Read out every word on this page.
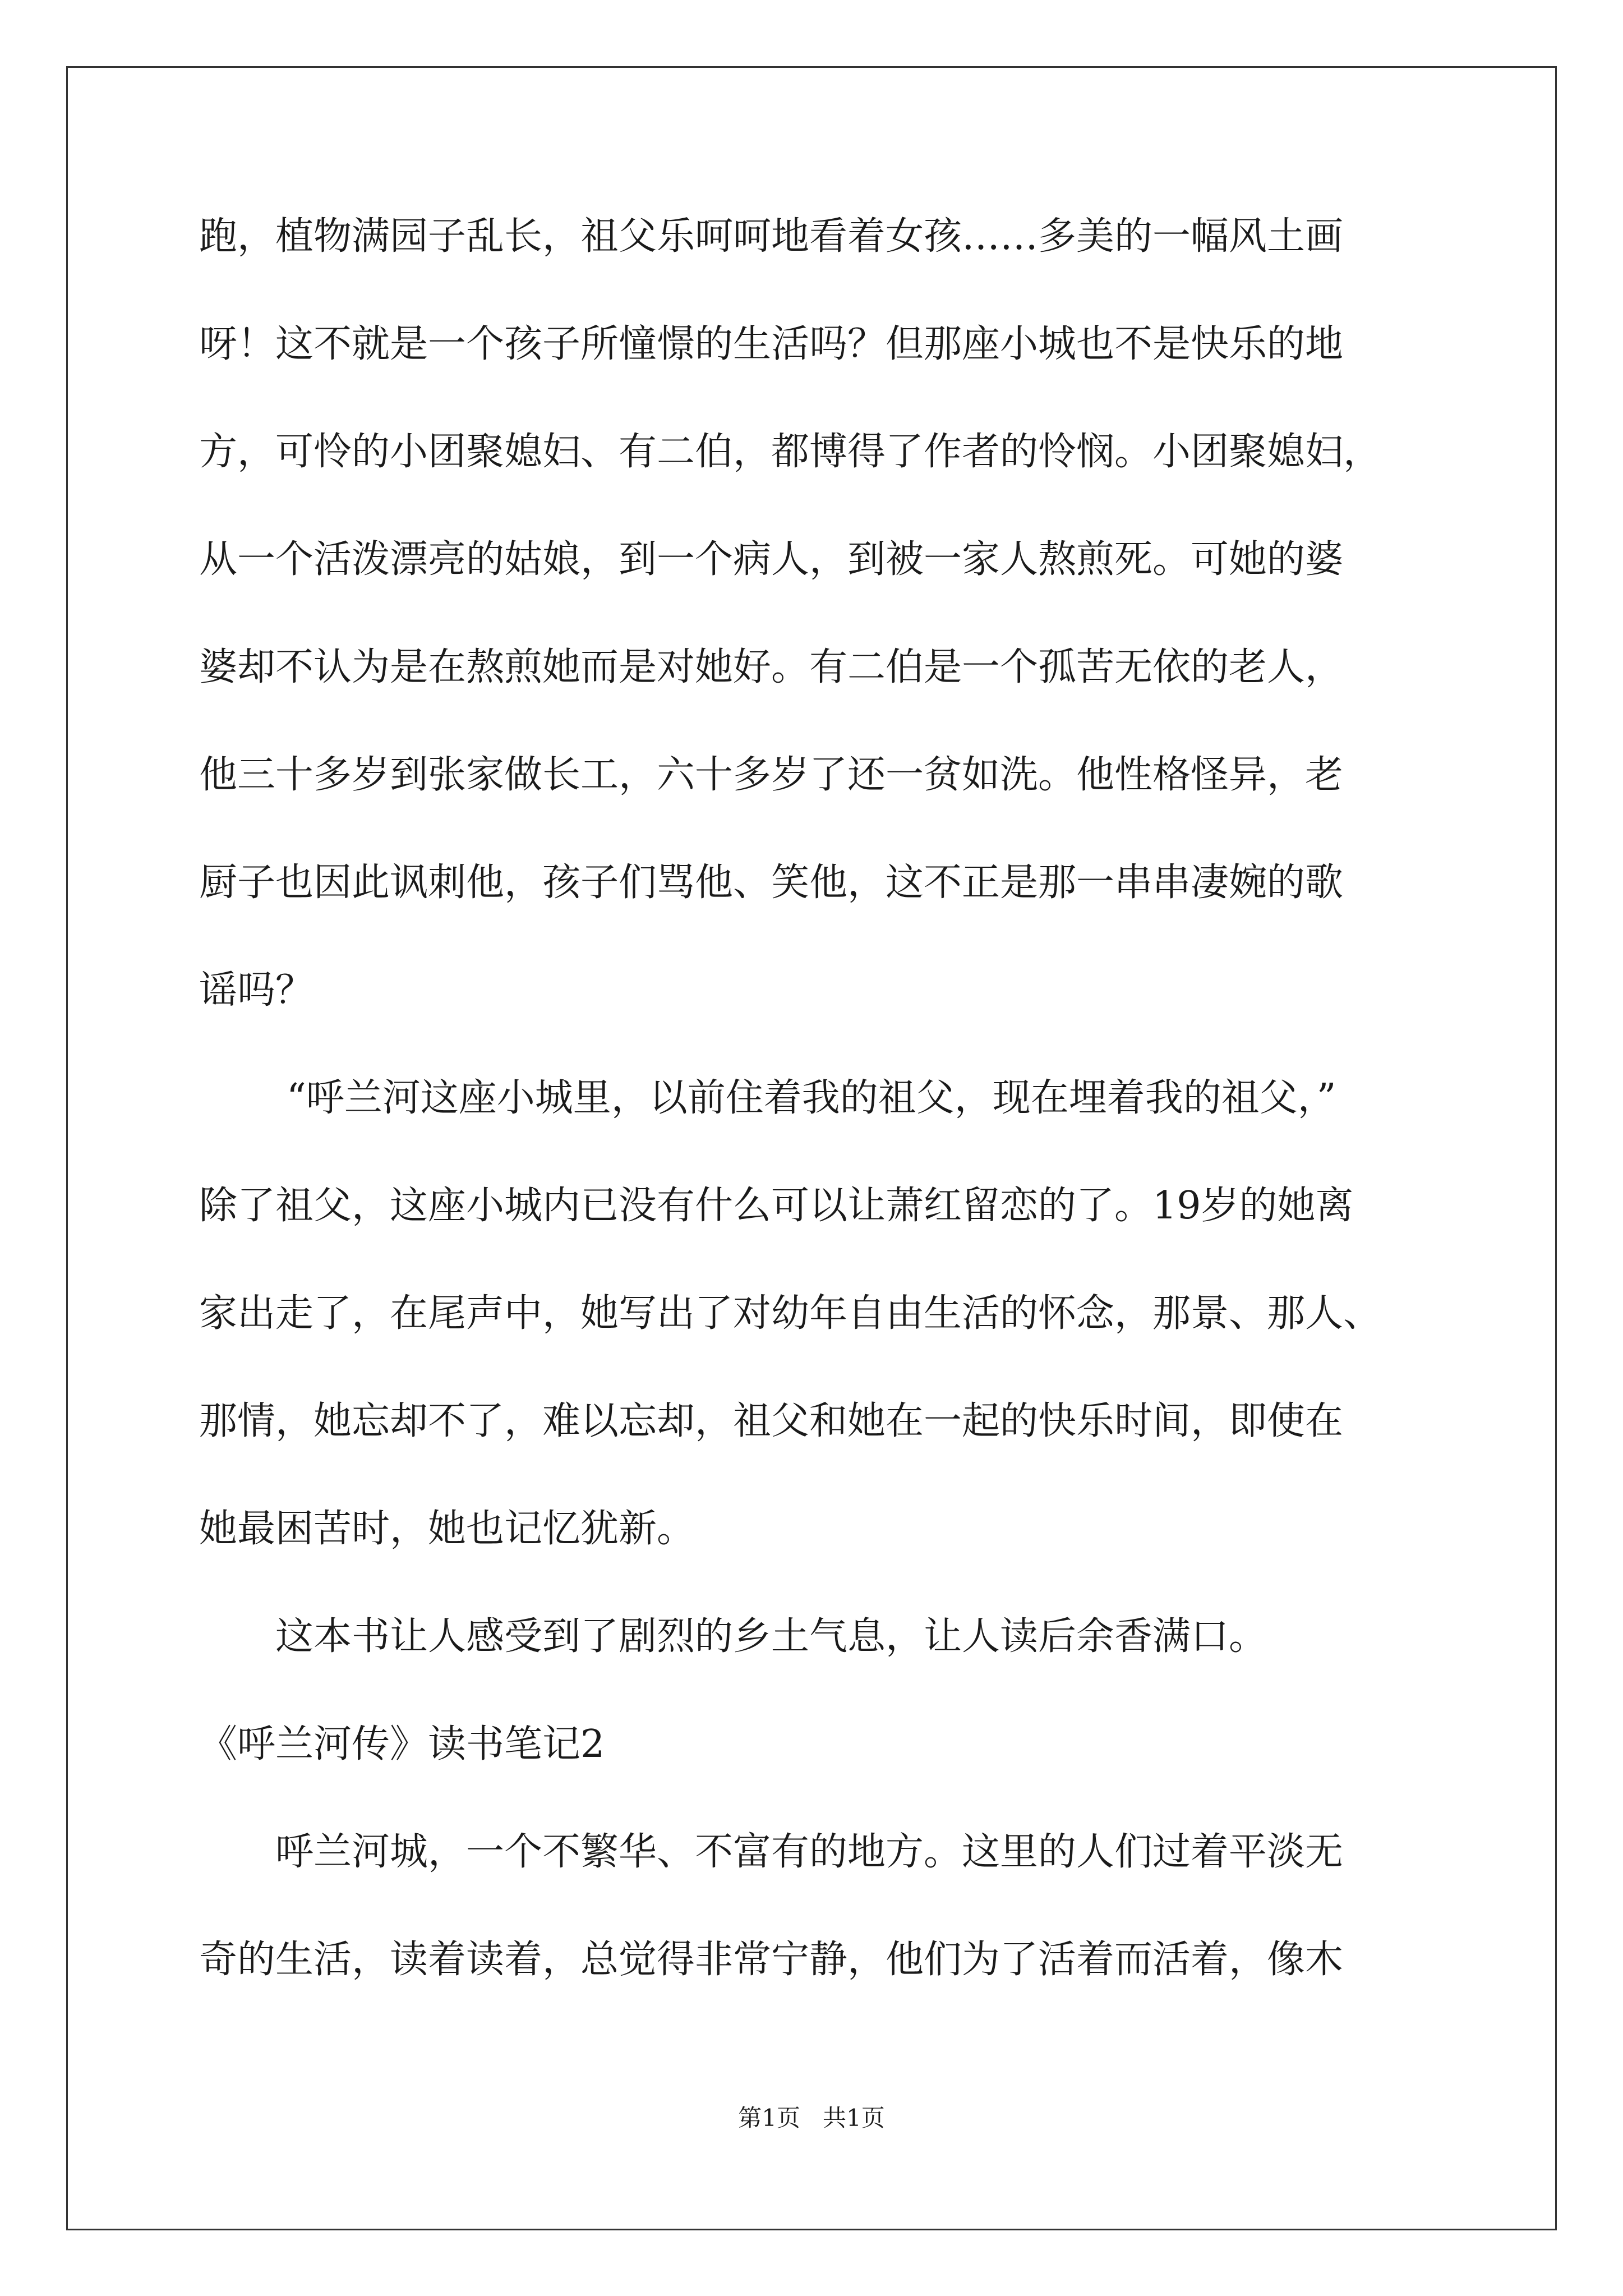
跑，植物满园子乱长，祖父乐呵呵地看着女孩……多美的一幅风土画
呀！这不就是一个孩子所憧憬的生活吗？但那座小城也不是快乐的地
方，可怜的小团聚媳妇、有二伯，都博得了作者的怜悯。小团聚媳妇，
从一个活泼漂亮的姑娘，到一个病人，到被一家人熬煎死。可她的婆
婆却不认为是在熬煎她而是对她好。有二伯是一个孤苦无依的老人，
他三十多岁到张家做长工，六十多岁了还一贫如洗。他性格怪异，老
厨子也因此讽刺他，孩子们骂他、笑他，这不正是那一串串凄婉的歌
谣吗？
“呼兰河这座小城里，以前住着我的祖父，现在埋着我的祖父，”
除了祖父，这座小城内已没有什么可以让萧红留恋的了。19岁的她离
家出走了，在尾声中，她写出了对幼年自由生活的怀念，那景、那人、
那情，她忘却不了，难以忘却，祖父和她在一起的快乐时间，即使在
她最困苦时，她也记忆犹新。
这本书让人感受到了剧烈的乡土气息，让人读后余香满口。
《呼兰河传》读书笔记2
呼兰河城，一个不繁华、不富有的地方。这里的人们过着平淡无
奇的生活，读着读着，总觉得非常宁静，他们为了活着而活着，像木
第1页   共1页
